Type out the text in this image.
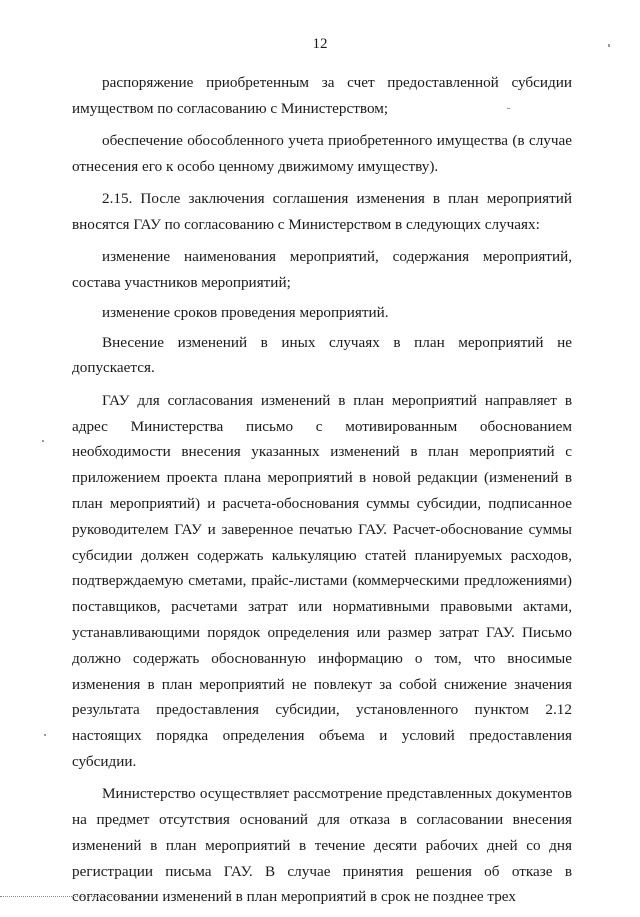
12

распоряжение приобретенным за счет предоставленной субсидии имуществом по согласованию с Министерством;

обеспечение обособленного учета приобретенного имущества (в случае отнесения его к особо ценному движимому имуществу).

2.15. После заключения соглашения изменения в план мероприятий вносятся ГАУ по согласованию с Министерством в следующих случаях:

изменение наименования мероприятий, содержания мероприятий, состава участников мероприятий;

изменение сроков проведения мероприятий.

Внесение изменений в иных случаях в план мероприятий не допускается.

ГАУ для согласования изменений в план мероприятий направляет в адрес Министерства письмо с мотивированным обоснованием необходимости внесения указанных изменений в план мероприятий с приложением проекта плана мероприятий в новой редакции (изменений в план мероприятий) и расчета-обоснования суммы субсидии, подписанное руководителем ГАУ и заверенное печатью ГАУ. Расчет-обоснование суммы субсидии должен содержать калькуляцию статей планируемых расходов, подтверждаемую сметами, прайс-листами (коммерческими предложениями) поставщиков, расчетами затрат или нормативными правовыми актами, устанавливающими порядок определения или размер затрат ГАУ. Письмо должно содержать обоснованную информацию о том, что вносимые изменения в план мероприятий не повлекут за собой снижение значения результата предоставления субсидии, установленного пунктом 2.12 настоящих порядка определения объема и условий предоставления субсидии.

Министерство осуществляет рассмотрение представленных документов на предмет отсутствия оснований для отказа в согласовании внесения изменений в план мероприятий в течение десяти рабочих дней со дня регистрации письма ГАУ. В случае принятия решения об отказе в согласовании изменений в план мероприятий в срок не позднее трех
